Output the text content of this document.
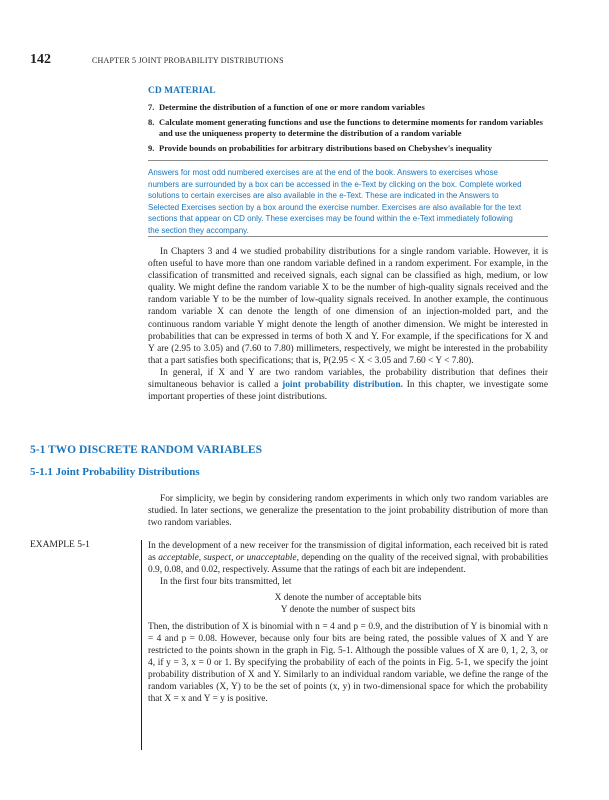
142	CHAPTER 5 JOINT PROBABILITY DISTRIBUTIONS
CD MATERIAL
7. Determine the distribution of a function of one or more random variables
8. Calculate moment generating functions and use the functions to determine moments for random variables and use the uniqueness property to determine the distribution of a random variable
9. Provide bounds on probabilities for arbitrary distributions based on Chebyshev's inequality
Answers for most odd numbered exercises are at the end of the book. Answers to exercises whose numbers are surrounded by a box can be accessed in the e-Text by clicking on the box. Complete worked solutions to certain exercises are also available in the e-Text. These are indicated in the Answers to Selected Exercises section by a box around the exercise number. Exercises are also available for the text sections that appear on CD only. These exercises may be found within the e-Text immediately following the section they accompany.

In Chapters 3 and 4 we studied probability distributions for a single random variable. However, it is often useful to have more than one random variable defined in a random experiment. For example, in the classification of transmitted and received signals, each signal can be classified as high, medium, or low quality. We might define the random variable X to be the number of high-quality signals received and the random variable Y to be the number of low-quality signals received. In another example, the continuous random variable X can denote the length of one dimension of an injection-molded part, and the continuous random variable Y might denote the length of another dimension. We might be interested in probabilities that can be expressed in terms of both X and Y. For example, if the specifications for X and Y are (2.95 to 3.05) and (7.60 to 7.80) millimeters, respectively, we might be interested in the probability that a part satisfies both specifications; that is, P(2.95 < X < 3.05 and 7.60 < Y < 7.80).

In general, if X and Y are two random variables, the probability distribution that defines their simultaneous behavior is called a joint probability distribution. In this chapter, we investigate some important properties of these joint distributions.

5-1 TWO DISCRETE RANDOM VARIABLES
5-1.1 Joint Probability Distributions

For simplicity, we begin by considering random experiments in which only two random variables are studied. In later sections, we generalize the presentation to the joint probability distribution of more than two random variables.

EXAMPLE 5-1	In the development of a new receiver for the transmission of digital information, each received bit is rated as acceptable, suspect, or unacceptable, depending on the quality of the received signal, with probabilities 0.9, 0.08, and 0.02, respectively. Assume that the ratings of each bit are independent.

In the first four bits transmitted, let

X denote the number of acceptable bits

Y denote the number of suspect bits

Then, the distribution of X is binomial with n = 4 and p = 0.9, and the distribution of Y is binomial with n = 4 and p = 0.08. However, because only four bits are being rated, the possible values of X and Y are restricted to the points shown in the graph in Fig. 5-1. Although the possible values of X are 0, 1, 2, 3, or 4, if y = 3, x = 0 or 1. By specifying the probability of each of the points in Fig. 5-1, we specify the joint probability distribution of X and Y. Similarly to an individual random variable, we define the range of the random variables (X, Y) to be the set of points (x, y) in two-dimensional space for which the probability that X = x and Y = y is positive.
